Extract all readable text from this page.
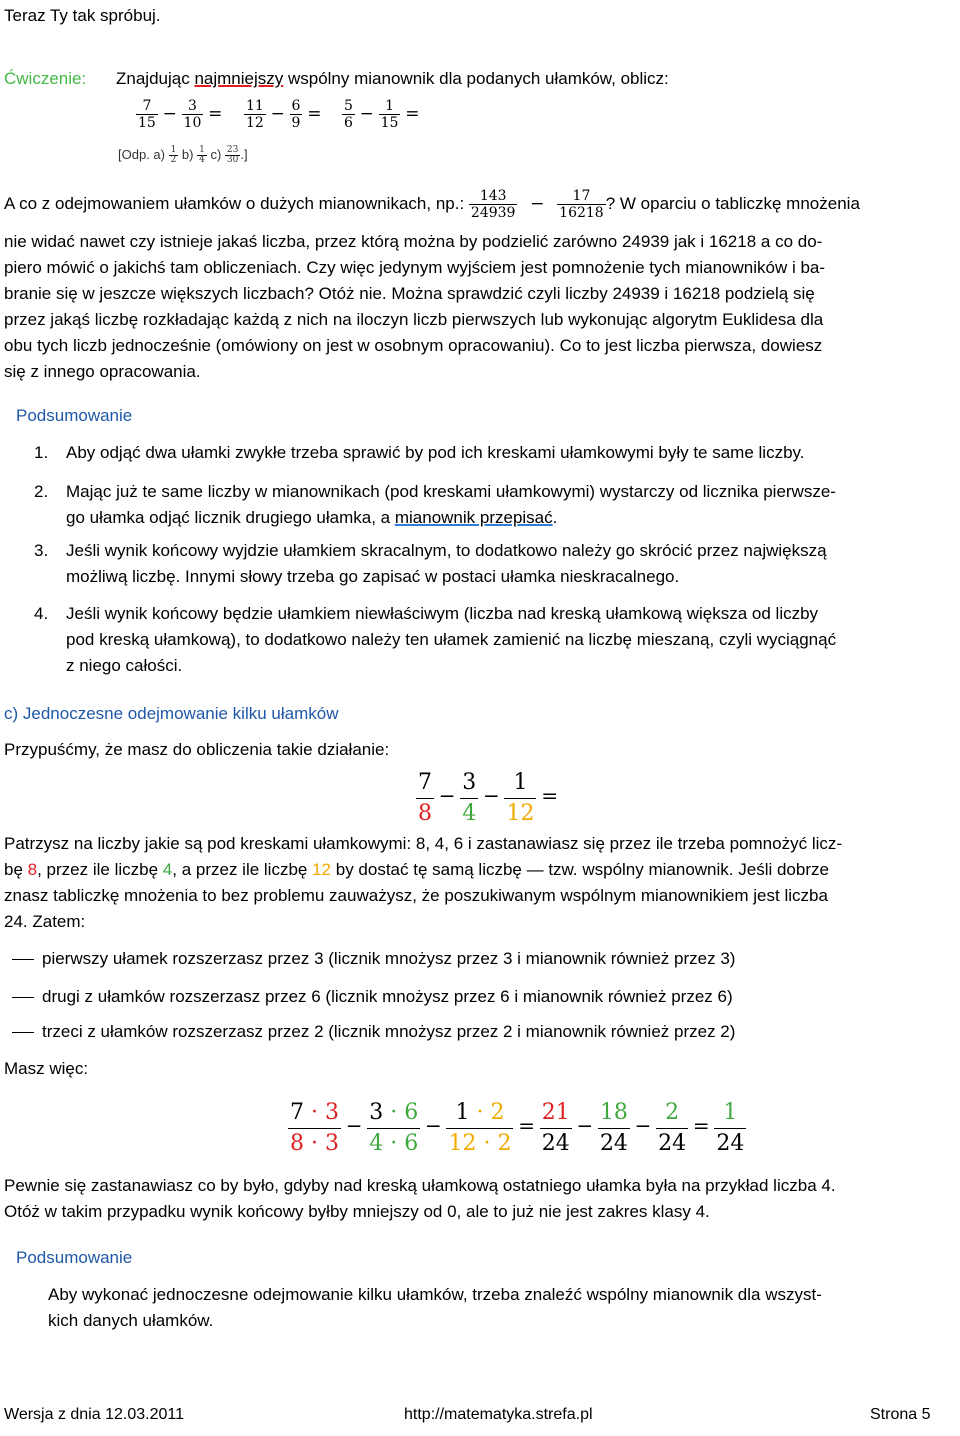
Teraz Ty tak spróbuj.
Ćwiczenie: Znajdując najmniejszy wspólny mianownik dla podanych ułamków, oblicz:
$\frac{7}{15} - \frac{3}{10} = \frac{11}{12} - \frac{6}{9} = \frac{5}{6} - \frac{1}{15}$ =
[Odp. $a) \frac{1}{2} b) \frac{1}{4} c) \frac{23}{30}$ .]
A co z odejmowaniem ułamków o dużych mianownikach, np.: $\frac{143}{24939} - \frac{17}{16218}$ ? W oparciu o tabliczkę mnożenia
nie widać nawet czy istnieje jakaś liczba, przez którą można by podzielić zarówno 24939 jak i 16218 a co do-
piero mówić o jakichś tam obliczeniach. Czy więc jedynym wyjściem jest pomnożenie tych mianowników i ba-
branie się w jeszcze większych liczbach? Otóż nie. Można sprawdzić czyli liczby 24939 i 16218 podzielą się
przez jakąś liczbę rozkładając każdą z nich na iloczyn liczb pierwszych lub wykonując algorytm Euklidesa dla
obu tych liczb jednocześnie (omówiony on jest w osobnym opracowaniu). Co to jest liczba pierwsza, dowiesz
się z innego opracowania.
Podsumowanie
1. Aby odjąć dwa ułamki zwykłe trzeba sprawić by pod ich kreskami ułamkowymi były te same liczby.
2. Mając już te same liczby w mianownikach (pod kreskami ułamkowymi) wystarczy od licznika pierwsze-
go ułamka odjąć licznik drugiego ułamka, a mianownik przepisać.
3. Jeśli wynik końcowy wyjdzie ułamkiem skracalnym, to dodatkowo należy go skrócić przez największą
możliwą liczbę. Innymi słowy trzeba go zapisać w postaci ułamka nieskracalnego.
4. Jeśli wynik końcowy będzie ułamkiem niewłaściwym (liczba nad kreską ułamkową większa od liczby
pod kreską ułamkową), to dodatkowo należy ten ułamek zamienić na liczbę mieszaną, czyli wyciągnąć
z niego całości.
c) Jednoczesne odejmowanie kilku ułamków
Przypuśćmy, że masz do obliczenia takie działanie:
$\frac{7}{8} - \frac{3}{4} - \frac{1}{12}$ =
Patrzysz na liczby jakie są pod kreskami ułamkowymi: 8, 4, 6 i zastanawiasz się przez ile trzeba pomnożyć licz-
bę 8, przez ile liczbę 4, a przez ile liczbę 12 by dostać tę samą liczbę — tzw. wspólny mianownik. Jeśli dobrze
znasz tabliczkę mnożenia to bez problemu zauważysz, że poszukiwanym wspólnym mianownikiem jest liczba
24. Zatem:
pierwszy ułamek rozszerzasz przez 3 (licznik mnożysz przez 3 i mianownik również przez 3)
drugi z ułamków rozszerzasz przez 6 (licznik mnożysz przez 6 i mianownik również przez 6)
trzeci z ułamków rozszerzasz przez 2 (licznik mnożysz przez 2 i mianownik również przez 2)
Masz więc:
$\frac{7 \cdot 3}{8 \cdot 3} - \frac{3 \cdot 6}{4 \cdot 6} - \frac{1 \cdot 2}{12 \cdot 2} = \frac{21}{24} - \frac{18}{24} - \frac{2}{24} = \frac{1}{24}$
Pewnie się zastanawiasz co by było, gdyby nad kreską ułamkową ostatniego ułamka była na przykład liczba 4.
Otóż w takim przypadku wynik końcowy byłby mniejszy od 0, ale to już nie jest zakres klasy 4.
Podsumowanie
Aby wykonać jednoczesne odejmowanie kilku ułamków, trzeba znaleźć wspólny mianownik dla wszyst-
kich danych ułamków.
Wersja z dnia 12.03.2011	http://matematyka.strefa.pl	Strona 5
